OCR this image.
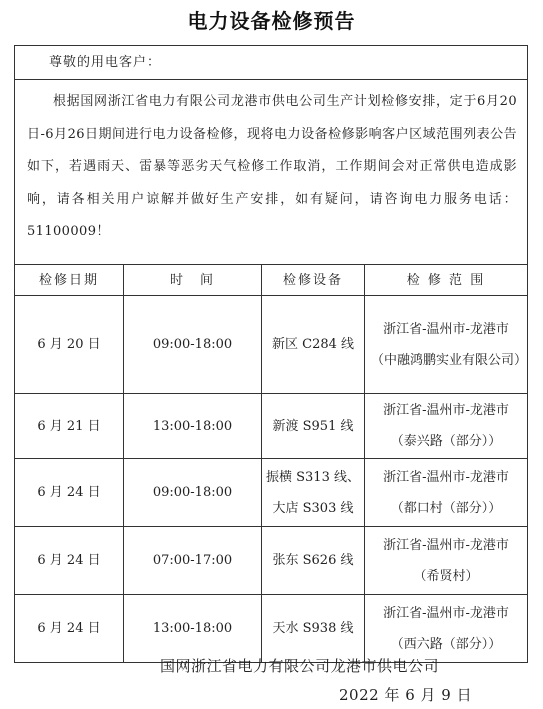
电力设备检修预告
尊敬的用电客户：			
根据国网浙江省电力有限公司龙港市供电公司生产计划检修安排，定于6月20日-6月26日期间进行电力设备检修，现将电力设备检修影响客户区域范围列表公告如下，若遇雨天、雷暴等恶劣天气检修工作取消，工作期间会对正常供电造成影响，请各相关用户谅解并做好生产安排，如有疑问，请咨询电力服务电话：51100009！			
检修日期	时　间	检修设备	检 修 范 围
6 月 20 日	09:00-18:00	新区 C284 线	浙江省-温州市-龙港市（中融鸿鹏实业有限公司）
6 月 21 日	13:00-18:00	新渡 S951 线	浙江省-温州市-龙港市（泰兴路（部分））
6 月 24 日	09:00-18:00	振横 S313 线、大店 S303 线	浙江省-温州市-龙港市（都口村（部分））
6 月 24 日	07:00-17:00	张东 S626 线	浙江省-温州市-龙港市（希贤村）
6 月 24 日	13:00-18:00	天水 S938 线	浙江省-温州市-龙港市（西六路（部分））
国网浙江省电力有限公司龙港市供电公司
2022 年 6 月 9 日
